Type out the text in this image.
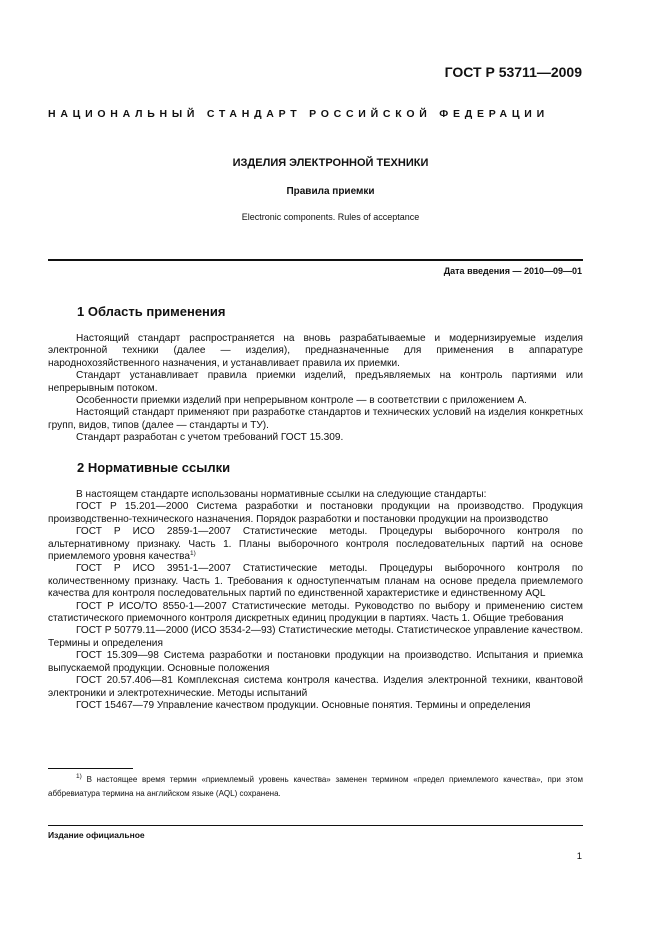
ГОСТ Р 53711—2009
НАЦИОНАЛЬНЫЙ СТАНДАРТ РОССИЙСКОЙ ФЕДЕРАЦИИ
ИЗДЕЛИЯ ЭЛЕКТРОННОЙ ТЕХНИКИ
Правила приемки
Electronic components. Rules of acceptance
Дата введения — 2010—09—01
1 Область применения

Настоящий стандарт распространяется на вновь разрабатываемые и модернизируемые изделия электронной техники (далее — изделия), предназначенные для применения в аппаратуре народнохозяйственного назначения, и устанавливает правила их приемки.

Стандарт устанавливает правила приемки изделий, предъявляемых на контроль партиями или непрерывным потоком.

Особенности приемки изделий при непрерывном контроле — в соответствии с приложением А.

Настоящий стандарт применяют при разработке стандартов и технических условий на изделия конкретных групп, видов, типов (далее — стандарты и ТУ).

Стандарт разработан с учетом требований ГОСТ 15.309.

2 Нормативные ссылки

В настоящем стандарте использованы нормативные ссылки на следующие стандарты:

ГОСТ Р 15.201—2000 Система разработки и постановки продукции на производство. Продукция производственно-технического назначения. Порядок разработки и постановки продукции на производство

ГОСТ Р ИСО 2859-1—2007 Статистические методы. Процедуры выборочного контроля по альтернативному признаку. Часть 1. Планы выборочного контроля последовательных партий на основе приемлемого уровня качества$^{1)}$

ГОСТ Р ИСО 3951-1—2007 Статистические методы. Процедуры выборочного контроля по количественному признаку. Часть 1. Требования к одноступенчатым планам на основе предела приемлемого качества для контроля последовательных партий по единственной характеристике и единственному AQL

ГОСТ Р ИСО/ТО 8550-1—2007 Статистические методы. Руководство по выбору и применению систем статистического приемочного контроля дискретных единиц продукции в партиях. Часть 1. Общие требования

ГОСТ Р 50779.11—2000 (ИСО 3534-2—93) Статистические методы. Статистическое управление качеством. Термины и определения

ГОСТ 15.309—98 Система разработки и постановки продукции на производство. Испытания и приемка выпускаемой продукции. Основные положения

ГОСТ 20.57.406—81 Комплексная система контроля качества. Изделия электронной техники, квантовой электроники и электротехнические. Методы испытаний

ГОСТ 15467—79 Управление качеством продукции. Основные понятия. Термины и определения

$^{1)}$ В настоящее время термин «приемлемый уровень качества» заменен термином «предел приемлемого качества», при этом аббревиатура термина на английском языке (AQL) сохранена.

Издание официальное
1
